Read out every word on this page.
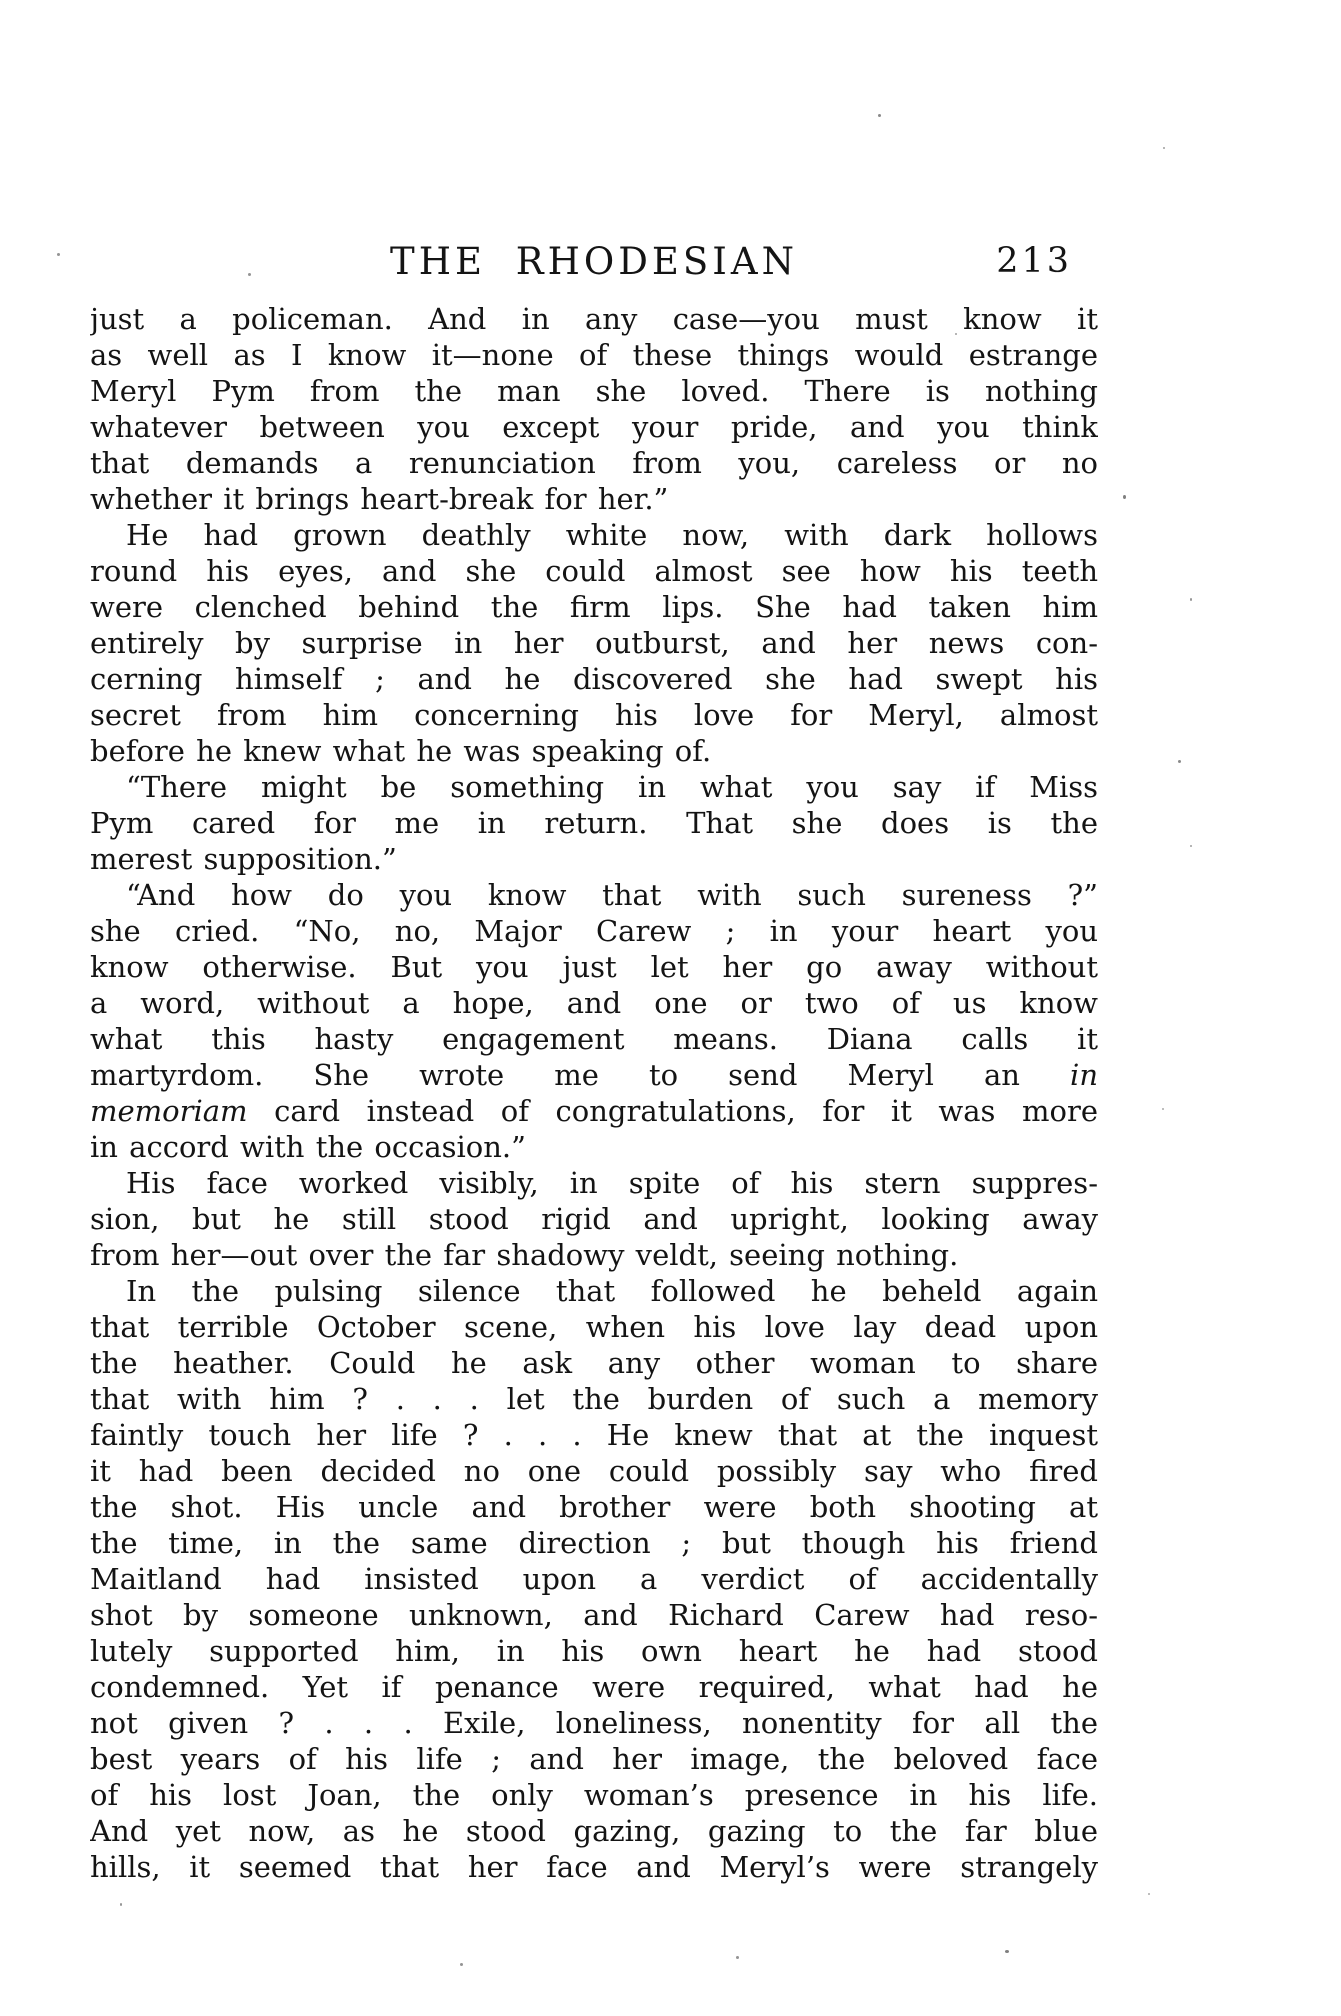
THE RHODESIAN	213
just a policeman. And in any case—you must know it
as well as I know it—none of these things would estrange
Meryl Pym from the man she loved. There is nothing
whatever between you except your pride, and you think
that demands a renunciation from you, careless or no
whether it brings heart-break for her.”
He had grown deathly white now, with dark hollows
round his eyes, and she could almost see how his teeth
were clenched behind the firm lips. She had taken him
entirely by surprise in her outburst, and her news con-
cerning himself ; and he discovered she had swept his
secret from him concerning his love for Meryl, almost
before he knew what he was speaking of.
“There might be something in what you say if Miss
Pym cared for me in return. That she does is the
merest supposition.”
“And how do you know that with such sureness ?”
she cried. “No, no, Major Carew ; in your heart you
know otherwise. But you just let her go away without
a word, without a hope, and one or two of us know
what this hasty engagement means. Diana calls it
martyrdom. She wrote me to send Meryl an in
memoriam card instead of congratulations, for it was more
in accord with the occasion.”
His face worked visibly, in spite of his stern suppres-
sion, but he still stood rigid and upright, looking away
from her—out over the far shadowy veldt, seeing nothing.
In the pulsing silence that followed he beheld again
that terrible October scene, when his love lay dead upon
the heather. Could he ask any other woman to share
that with him ? . . . let the burden of such a memory
faintly touch her life ? . . . He knew that at the inquest
it had been decided no one could possibly say who fired
the shot. His uncle and brother were both shooting at
the time, in the same direction ; but though his friend
Maitland had insisted upon a verdict of accidentally
shot by someone unknown, and Richard Carew had reso-
lutely supported him, in his own heart he had stood
condemned. Yet if penance were required, what had he
not given ? . . . Exile, loneliness, nonentity for all the
best years of his life ; and her image, the beloved face
of his lost Joan, the only woman’s presence in his life.
And yet now, as he stood gazing, gazing to the far blue
hills, it seemed that her face and Meryl’s were strangely
